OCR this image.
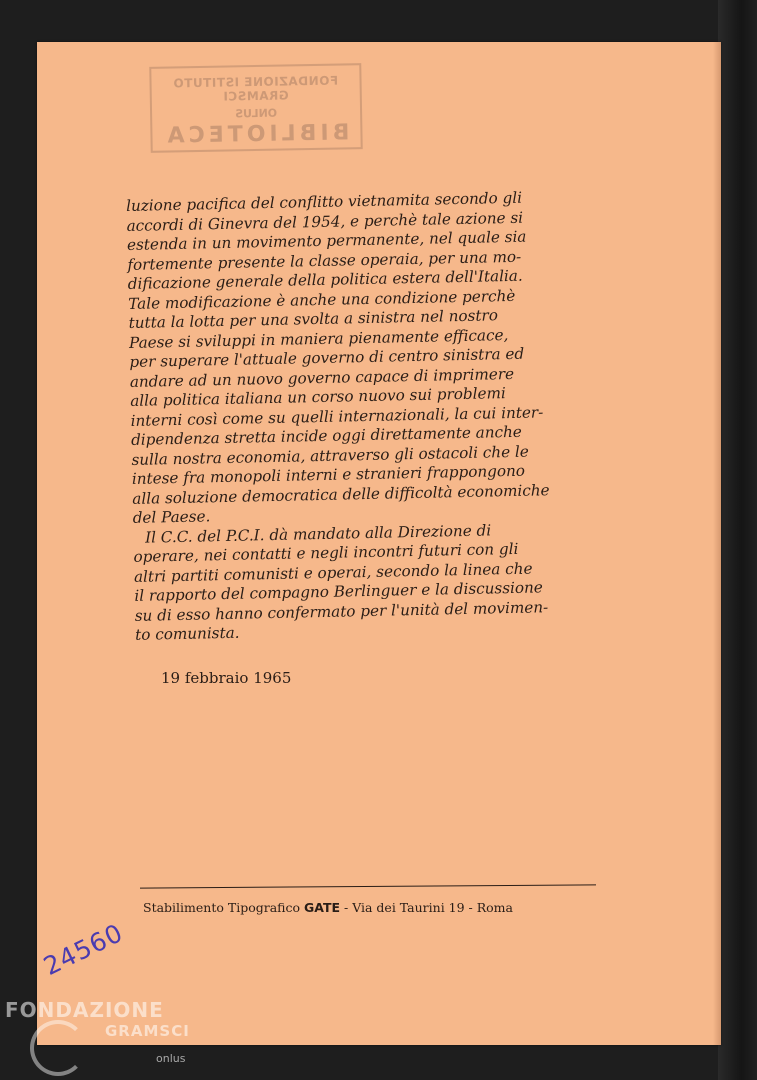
FONDAZIONE ISTITUTO GRAMSCI
ONLUS
BIBLIOTECA
luzione pacifica del conflitto vietnamita secondo gli
accordi di Ginevra del 1954, e perchè tale azione si
estenda in un movimento permanente, nel quale sia
fortemente presente la classe operaia, per una mo-
dificazione generale della politica estera dell'Italia.
Tale modificazione è anche una condizione perchè
tutta la lotta per una svolta a sinistra nel nostro
Paese si sviluppi in maniera pienamente efficace,
per superare l'attuale governo di centro sinistra ed
andare ad un nuovo governo capace di imprimere
alla politica italiana un corso nuovo sui problemi
interni così come su quelli internazionali, la cui inter-
dipendenza stretta incide oggi direttamente anche
sulla nostra economia, attraverso gli ostacoli che le
intese fra monopoli interni e stranieri frappongono
alla soluzione democratica delle difficoltà economiche
del Paese.
Il C.C. del P.C.I. dà mandato alla Direzione di
operare, nei contatti e negli incontri futuri con gli
altri partiti comunisti e operai, secondo la linea che
il rapporto del compagno Berlinguer e la discussione
su di esso hanno confermato per l'unità del movimen-
to comunista.
19 febbraio 1965
Stabilimento Tipografico GATE - Via dei Taurini 19 - Roma
24560
FONDAZIONE
GRAMSCI
onlus
